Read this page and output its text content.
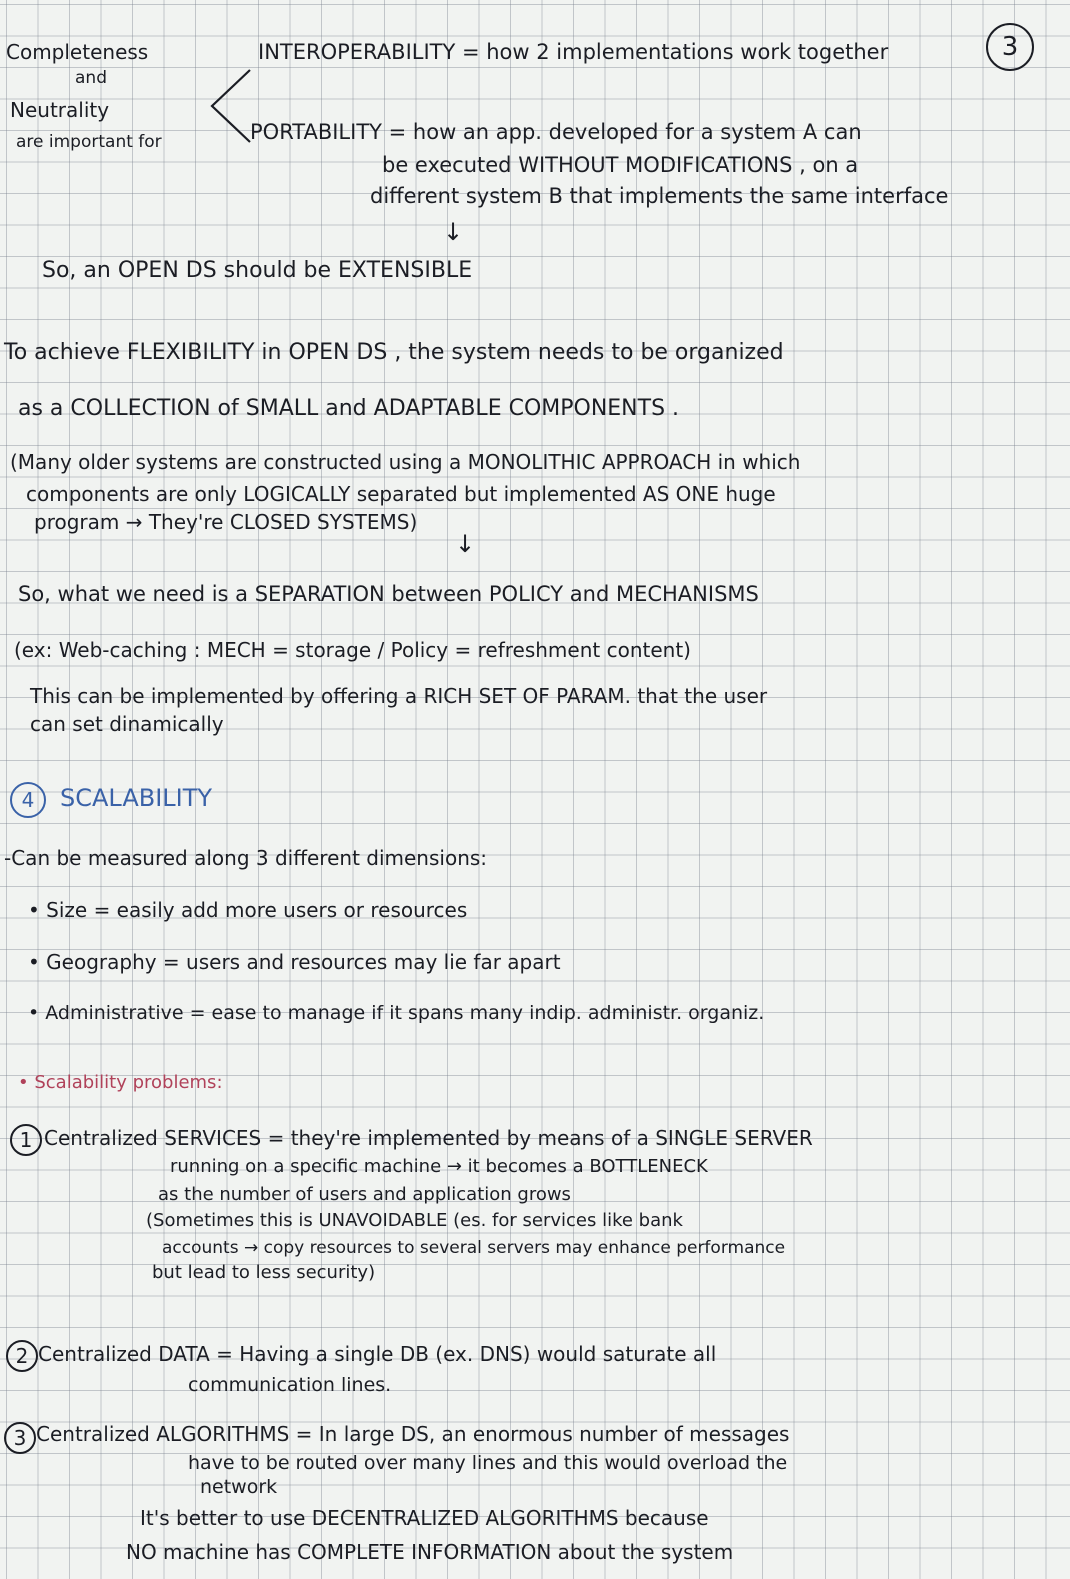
3
Completeness
and
Neutrality
are important for
INTEROPERABILITY = how 2 implementations work together
PORTABILITY = how an app. developed for a system A can
be executed WITHOUT MODIFICATIONS , on a
different system B that implements the same interface
↓
So, an OPEN DS should be EXTENSIBLE
To achieve FLEXIBILITY in OPEN DS , the system needs to be organized
as a COLLECTION of SMALL and ADAPTABLE COMPONENTS .
(Many older systems are constructed using a MONOLITHIC APPROACH in which
components are only LOGICALLY separated but implemented AS ONE huge
program → They're CLOSED SYSTEMS)
↓
So, what we need is a SEPARATION between POLICY and MECHANISMS
(ex: Web-caching : MECH = storage / Policy = refreshment content)
This can be implemented by offering a RICH SET OF PARAM. that the user
can set dinamically
4	SCALABILITY
-Can be measured along 3 different dimensions:
• Size = easily add more users or resources
• Geography = users and resources may lie far apart
• Administrative = ease to manage if it spans many indip. administr. organiz.
• Scalability problems:
1 Centralized SERVICES = they're implemented by means of a SINGLE SERVER
running on a specific machine → it becomes a BOTTLENECK
as the number of users and application grows
(Sometimes this is UNAVOIDABLE (es. for services like bank
accounts → copy resources to several servers may enhance performance
but lead to less security)
2 Centralized DATA = Having a single DB (ex. DNS) would saturate all
communication lines.
3 Centralized ALGORITHMS = In large DS, an enormous number of messages
have to be routed over many lines and this would overload the
network
It's better to use DECENTRALIZED ALGORITHMS because
NO machine has COMPLETE INFORMATION about the system
